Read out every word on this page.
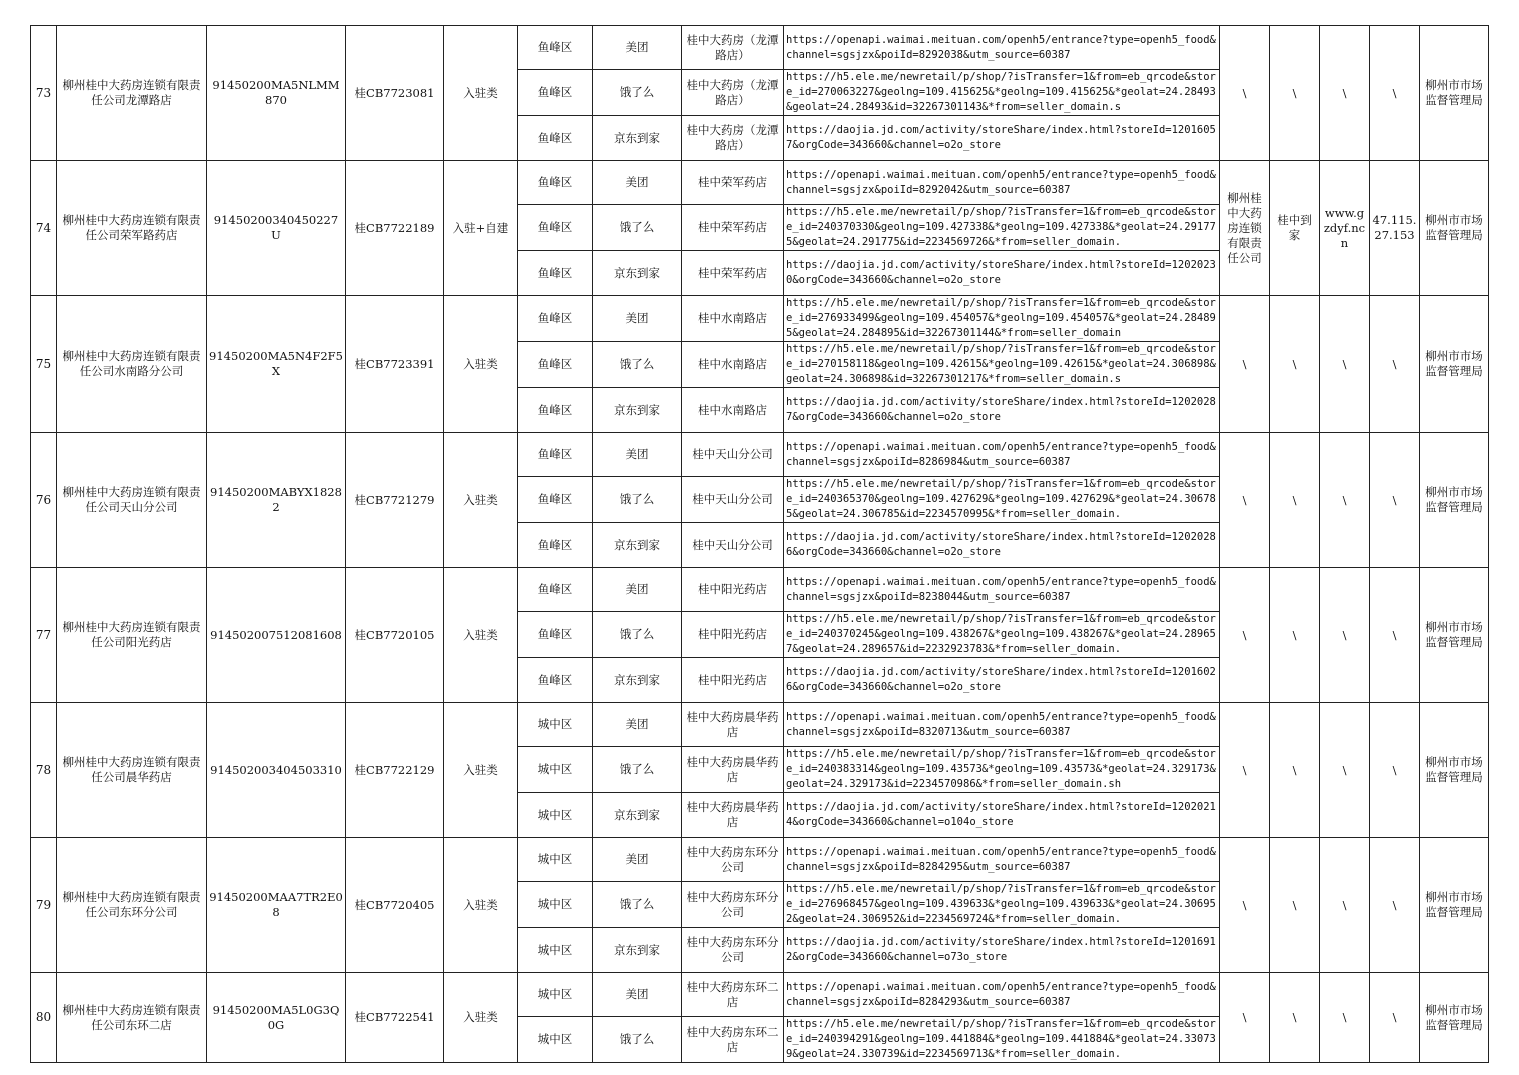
73	柳州桂中大药房连锁有限责任公司龙潭路店	91450200MA5NLMM870	桂CB7723081	入驻类	鱼峰区	美团	桂中大药房（龙潭路店）	https://openapi.waimai.meituan.com/openh5/entrance?type=openh5_food&channel=sgsjzx&poiId=8292038&utm_source=60387	\	\	\	\	柳州市市场监督管理局
					鱼峰区	饿了么	桂中大药房（龙潭路店）	https://h5.ele.me/newretail/p/shop/?isTransfer=1&from=eb_qrcode&store_id=270063227&geolng=109.415625&*geolng=109.415625&*geolat=24.28493&geolat=24.28493&id=32267301143&*from=seller_domain.s					

					鱼峰区	京东到家	桂中大药房（龙潭路店）	https://daojia.jd.com/activity/storeShare/index.html?storeId=12016057&orgCode=343660&channel=o2o_store					

74	柳州桂中大药房连锁有限责任公司荣军路药店	91450200340450227U	桂CB7722189	入驻+自建	鱼峰区	美团	桂中荣军药店	https://openapi.waimai.meituan.com/openh5/entrance?type=openh5_food&channel=sgsjzx&poiId=8292042&utm_source=60387	柳州桂中大药房连锁有限责任公司	桂中到家	www.gzdyf.ncn	47.115.27.153	柳州市市场监督管理局
					鱼峰区	饿了么	桂中荣军药店	https://h5.ele.me/newretail/p/shop/?isTransfer=1&from=eb_qrcode&store_id=240370330&geolng=109.427338&*geolng=109.427338&*geolat=24.291775&geolat=24.291775&id=2234569726&*from=seller_domain.					

					鱼峰区	京东到家	桂中荣军药店	https://daojia.jd.com/activity/storeShare/index.html?storeId=12020230&orgCode=343660&channel=o2o_store					

75	柳州桂中大药房连锁有限责任公司水南路分公司	91450200MA5N4F2F5X	桂CB7723391	入驻类	鱼峰区	美团	桂中水南路店	https://h5.ele.me/newretail/p/shop/?isTransfer=1&from=eb_qrcode&store_id=276933499&geolng=109.454057&*geolng=109.454057&*geolat=24.284895&geolat=24.284895&id=32267301144&*from=seller_domain	\	\	\	\	柳州市市场监督管理局
					鱼峰区	饿了么	桂中水南路店	https://h5.ele.me/newretail/p/shop/?isTransfer=1&from=eb_qrcode&store_id=270158118&geolng=109.42615&*geolng=109.42615&*geolat=24.306898&geolat=24.306898&id=32267301217&*from=seller_domain.s					

					鱼峰区	京东到家	桂中水南路店	https://daojia.jd.com/activity/storeShare/index.html?storeId=12020287&orgCode=343660&channel=o2o_store					

76	柳州桂中大药房连锁有限责任公司天山分公司	91450200MABYX18282	桂CB7721279	入驻类	鱼峰区	美团	桂中天山分公司	https://openapi.waimai.meituan.com/openh5/entrance?type=openh5_food&channel=sgsjzx&poiId=8286984&utm_source=60387	\	\	\	\	柳州市市场监督管理局
					鱼峰区	饿了么	桂中天山分公司	https://h5.ele.me/newretail/p/shop/?isTransfer=1&from=eb_qrcode&store_id=240365370&geolng=109.427629&*geolng=109.427629&*geolat=24.306785&geolat=24.306785&id=2234570995&*from=seller_domain.					

					鱼峰区	京东到家	桂中天山分公司	https://daojia.jd.com/activity/storeShare/index.html?storeId=12020286&orgCode=343660&channel=o2o_store					

77	柳州桂中大药房连锁有限责任公司阳光药店	914502007512081608	桂CB7720105	入驻类	鱼峰区	美团	桂中阳光药店	https://openapi.waimai.meituan.com/openh5/entrance?type=openh5_food&channel=sgsjzx&poiId=8238044&utm_source=60387	\	\	\	\	柳州市市场监督管理局
					鱼峰区	饿了么	桂中阳光药店	https://h5.ele.me/newretail/p/shop/?isTransfer=1&from=eb_qrcode&store_id=240370245&geolng=109.438267&*geolng=109.438267&*geolat=24.289657&geolat=24.289657&id=2232923783&*from=seller_domain.					

					鱼峰区	京东到家	桂中阳光药店	https://daojia.jd.com/activity/storeShare/index.html?storeId=12016026&orgCode=343660&channel=o2o_store					

78	柳州桂中大药房连锁有限责任公司晨华药店	914502003404503310	桂CB7722129	入驻类	城中区	美团	桂中大药房晨华药店	https://openapi.waimai.meituan.com/openh5/entrance?type=openh5_food&channel=sgsjzx&poiId=8320713&utm_source=60387	\	\	\	\	柳州市市场监督管理局
					城中区	饿了么	桂中大药房晨华药店	https://h5.ele.me/newretail/p/shop/?isTransfer=1&from=eb_qrcode&store_id=240383314&geolng=109.43573&*geolng=109.43573&*geolat=24.329173&geolat=24.329173&id=2234570986&*from=seller_domain.sh					

					城中区	京东到家	桂中大药房晨华药店	https://daojia.jd.com/activity/storeShare/index.html?storeId=12020214&orgCode=343660&channel=o104o_store					

79	柳州桂中大药房连锁有限责任公司东环分公司	91450200MAA7TR2E08	桂CB7720405	入驻类	城中区	美团	桂中大药房东环分公司	https://openapi.waimai.meituan.com/openh5/entrance?type=openh5_food&channel=sgsjzx&poiId=8284295&utm_source=60387	\	\	\	\	柳州市市场监督管理局
					城中区	饿了么	桂中大药房东环分公司	https://h5.ele.me/newretail/p/shop/?isTransfer=1&from=eb_qrcode&store_id=276968457&geolng=109.439633&*geolng=109.439633&*geolat=24.306952&geolat=24.306952&id=2234569724&*from=seller_domain.					

					城中区	京东到家	桂中大药房东环分公司	https://daojia.jd.com/activity/storeShare/index.html?storeId=12016912&orgCode=343660&channel=o73o_store					

80	柳州桂中大药房连锁有限责任公司东环二店	91450200MA5L0G3Q0G	桂CB7722541	入驻类	城中区	美团	桂中大药房东环二店	https://openapi.waimai.meituan.com/openh5/entrance?type=openh5_food&channel=sgsjzx&poiId=8284293&utm_source=60387	\	\	\	\	柳州市市场监督管理局
					城中区	饿了么	桂中大药房东环二店	https://h5.ele.me/newretail/p/shop/?isTransfer=1&from=eb_qrcode&store_id=240394291&geolng=109.441884&*geolng=109.441884&*geolat=24.330739&geolat=24.330739&id=2234569713&*from=seller_domain.					
